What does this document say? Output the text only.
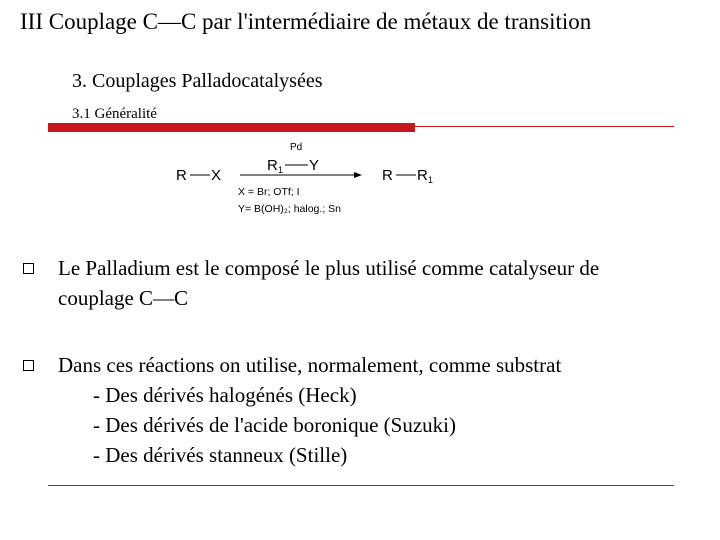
III Couplage C—C par l'intermédiaire de métaux de transition
3. Couplages Palladocatalysées
3.1 Généralité
R X
Pd
R 1 Y
R R 1
X = Br; OTf; I
Y= B(OH)₂; halog.; Sn
Le Palladium est le composé le plus utilisé comme catalyseur de
couplage C—C
Dans ces réactions on utilise, normalement, comme substrat
- Des dérivés halogénés (Heck)
- Des dérivés de l'acide boronique (Suzuki)
- Des dérivés stanneux (Stille)
